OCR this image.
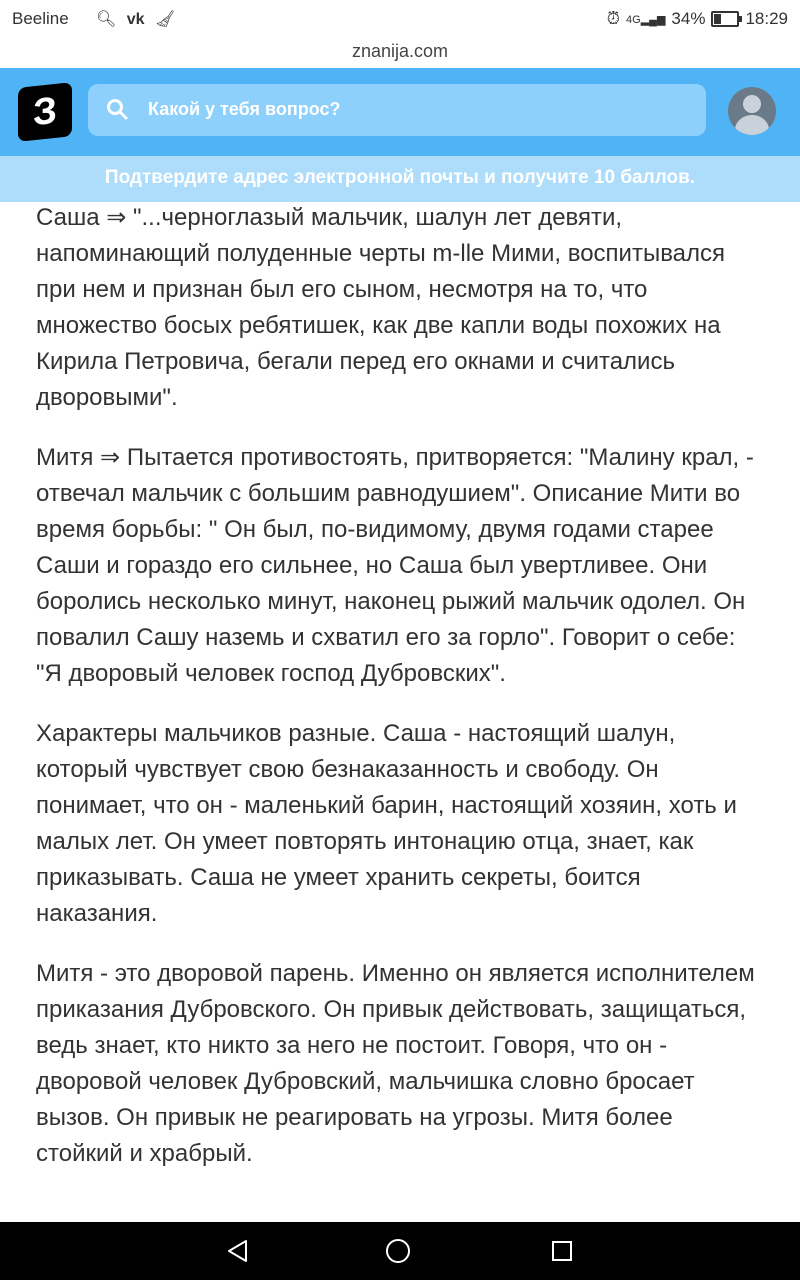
Beeline 🔍︎ vk 🧹︎	⏰︎ 4G▂▄▆ 34% 18:29
znanija.com
З	Какой у тебя вопрос?
Подтвердите адрес электронной почты и получите 10 баллов.

Саша ⇒ "...черноглазый мальчик, шалун лет девяти, напоминающий полуденные черты m-lle Мими, воспитывался при нем и признан был его сыном, несмотря на то, что множество босых ребятишек, как две капли воды похожих на Кирила Петровича, бегали перед его окнами и считались дворовыми".

Митя ⇒ Пытается противостоять, притворяется: "Малину крал, - отвечал мальчик с большим равнодушием". Описание Мити во время борьбы: " Он был, по-видимому, двумя годами старее Саши и гораздо его сильнее, но Саша был увертливее. Они боролись несколько минут, наконец рыжий мальчик одолел. Он повалил Сашу наземь и схватил его за горло". Говорит о себе: "Я дворовый человек господ Дубровских".

Характеры мальчиков разные. Саша - настоящий шалун, который чувствует свою безнаказанность и свободу. Он понимает, что он - маленький барин, настоящий хозяин, хоть и малых лет. Он умеет повторять интонацию отца, знает, как приказывать. Саша не умеет хранить секреты, боится наказания.

Митя - это дворовой парень. Именно он является исполнителем приказания Дубровского. Он привык действовать, защищаться, ведь знает, кто никто за него не постоит. Говоря, что он - дворовой человек Дубровский, мальчишка словно бросает вызов. Он привык не реагировать на угрозы. Митя более стойкий и храбрый.
